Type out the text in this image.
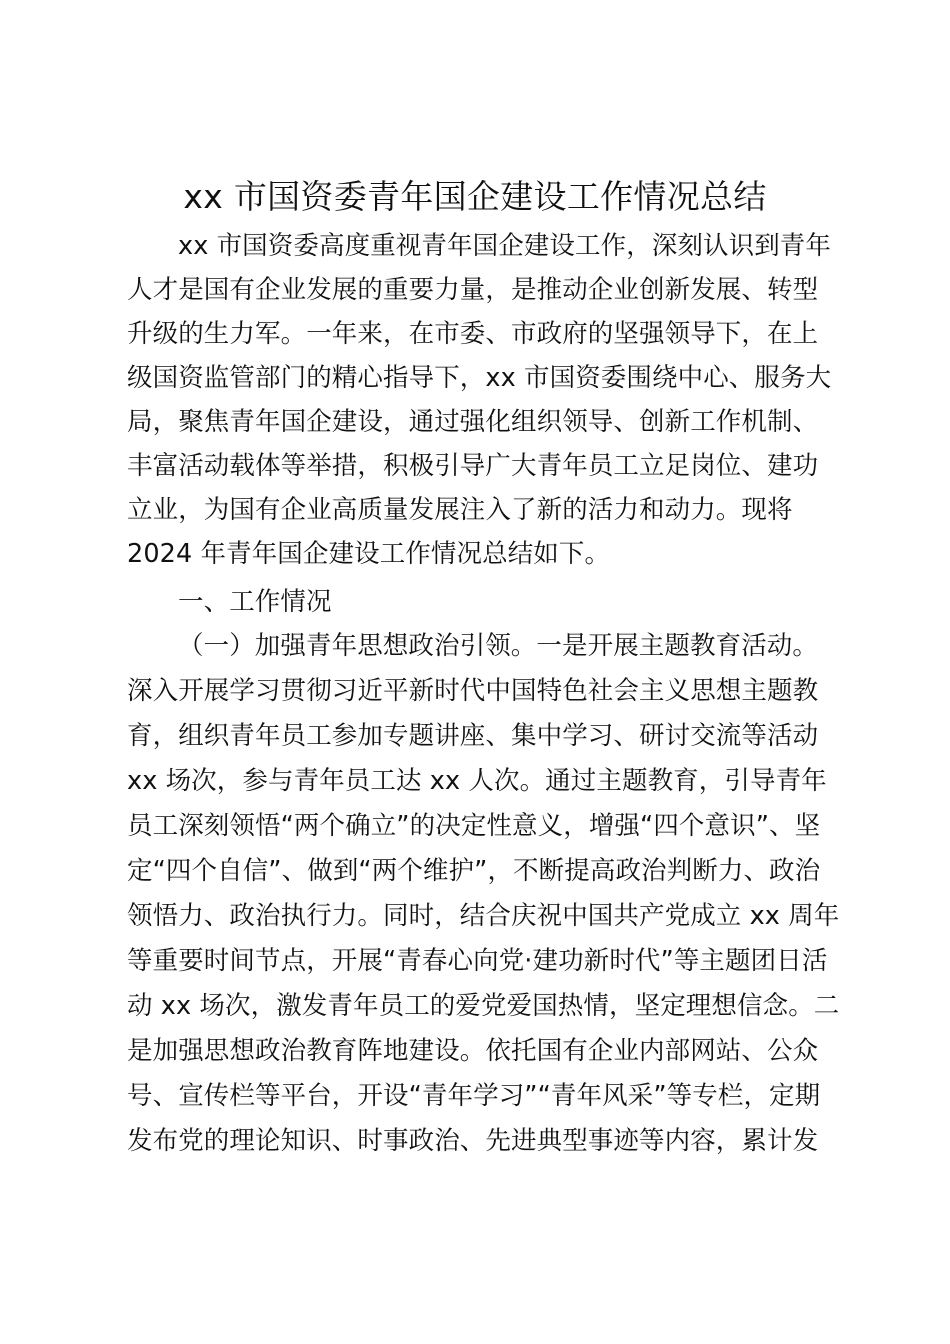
xx 市国资委青年国企建设工作情况总结
xx 市国资委高度重视青年国企建设工作，深刻认识到青年
人才是国有企业发展的重要力量，是推动企业创新发展、转型
升级的生力军。一年来，在市委、市政府的坚强领导下，在上
级国资监管部门的精心指导下，xx 市国资委围绕中心、服务大
局，聚焦青年国企建设，通过强化组织领导、创新工作机制、
丰富活动载体等举措，积极引导广大青年员工立足岗位、建功
立业，为国有企业高质量发展注入了新的活力和动力。现将
2024 年青年国企建设工作情况总结如下。
一、工作情况
（一）加强青年思想政治引领。一是开展主题教育活动。
深入开展学习贯彻习近平新时代中国特色社会主义思想主题教
育，组织青年员工参加专题讲座、集中学习、研讨交流等活动
xx 场次，参与青年员工达 xx 人次。通过主题教育，引导青年
员工深刻领悟“两个确立”的决定性意义，增强“四个意识”、坚
定“四个自信”、做到“两个维护”，不断提高政治判断力、政治
领悟力、政治执行力。同时，结合庆祝中国共产党成立 xx 周年
等重要时间节点，开展“青春心向党·建功新时代”等主题团日活
动 xx 场次，激发青年员工的爱党爱国热情，坚定理想信念。二
是加强思想政治教育阵地建设。依托国有企业内部网站、公众
号、宣传栏等平台，开设“青年学习”“青年风采”等专栏，定期
发布党的理论知识、时事政治、先进典型事迹等内容，累计发
